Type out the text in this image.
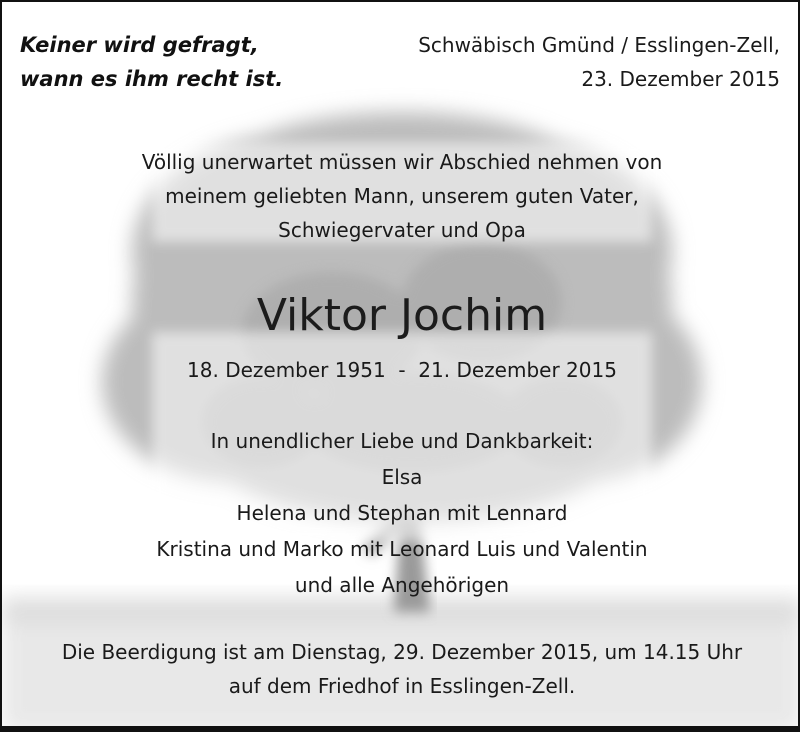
Keiner wird gefragt,
wann es ihm recht ist.
Schwäbisch Gmünd / Esslingen-Zell,
23. Dezember 2015
Völlig unerwartet müssen wir Abschied nehmen von
meinem geliebten Mann, unserem guten Vater,
Schwiegervater und Opa
Viktor Jochim
18. Dezember 1951  -  21. Dezember 2015
In unendlicher Liebe und Dankbarkeit:
Elsa
Helena und Stephan mit Lennard
Kristina und Marko mit Leonard Luis und Valentin
und alle Angehörigen
Die Beerdigung ist am Dienstag, 29. Dezember 2015, um 14.15 Uhr
auf dem Friedhof in Esslingen-Zell.
